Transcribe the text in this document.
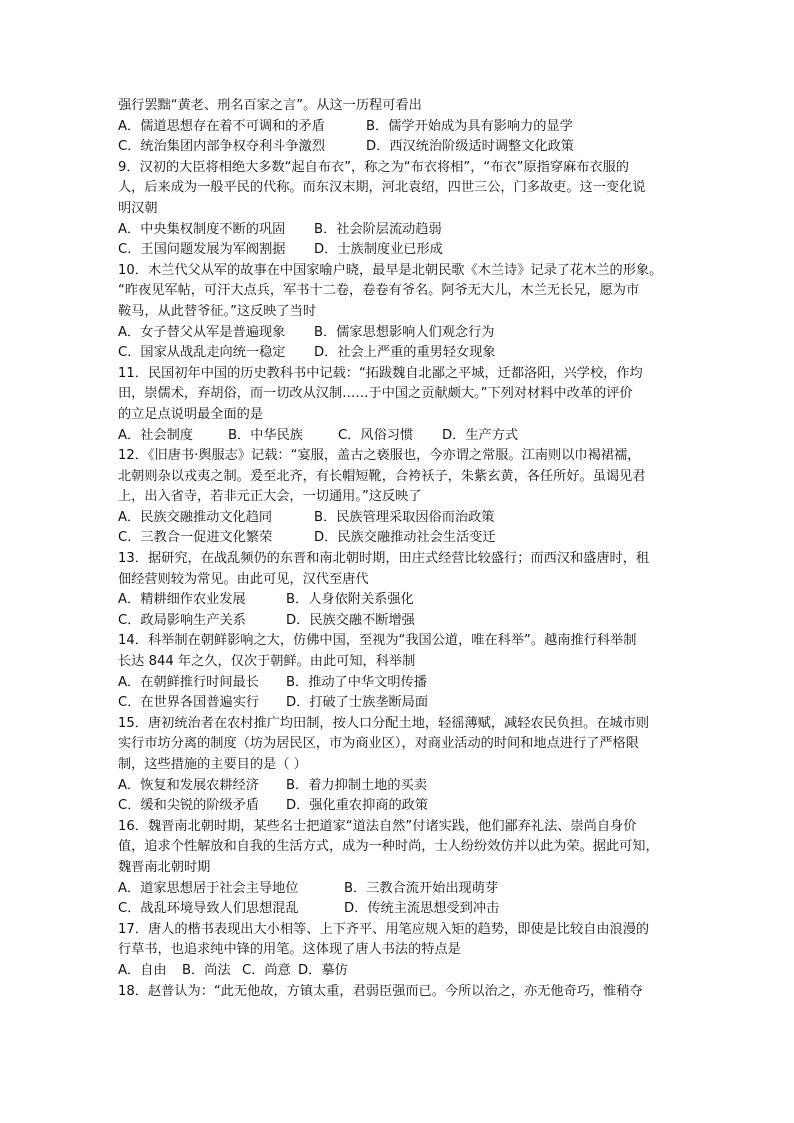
强行罢黜“黄老、刑名百家之言”。从这一历程可看出
A．儒道思想存在着不可调和的矛盾	B．儒学开始成为具有影响力的显学
C．统治集团内部争权夺利斗争激烈	D．西汉统治阶级适时调整文化政策
9．汉初的大臣将相绝大多数“起自布衣”，称之为“布衣将相”，“布衣”原指穿麻布衣服的
人，后来成为一般平民的代称。而东汉末期，河北袁绍，四世三公，门多故吏。这一变化说
明汉朝
A．中央集权制度不断的巩固	B．社会阶层流动趋弱
C．王国问题发展为军阀割据	D．士族制度业已形成
10．木兰代父从军的故事在中国家喻户晓，最早是北朝民歌《木兰诗》记录了花木兰的形象。
“昨夜见军帖，可汗大点兵，军书十二卷，卷卷有爷名。阿爷无大儿，木兰无长兄，愿为市
鞍马，从此替爷征。”这反映了当时
A．女子替父从军是普遍现象	B．儒家思想影响人们观念行为
C．国家从战乱走向统一稳定	D．社会上严重的重男轻女现象
11．民国初年中国的历史教科书中记载：“拓跋魏自北鄙之平城，迁都洛阳，兴学校，作均
田，崇儒术，弃胡俗，而一切改从汉制……于中国之贡献颇大。”下列对材料中改革的评价
的立足点说明最全面的是
A．社会制度	B．中华民族	C．风俗习惯	D．生产方式
12．《旧唐书·舆服志》记载：“宴服，盖古之亵服也，今亦谓之常服。江南则以巾褐裙襦，
北朝则杂以戎夷之制。爰至北齐，有长帽短靴，合袴袄子，朱紫玄黄，各任所好。虽谒见君
上，出入省寺，若非元正大会，一切通用。”这反映了
A．民族交融推动文化趋同	B．民族管理采取因俗而治政策
C．三教合一促进文化繁荣	D．民族交融推动社会生活变迁
13．据研究，在战乱频仍的东晋和南北朝时期，田庄式经营比较盛行；而西汉和盛唐时，租
佃经营则较为常见。由此可见，汉代至唐代
A．精耕细作农业发展	B．人身依附关系强化
C．政局影响生产关系	D．民族交融不断增强
14．科举制在朝鲜影响之大，仿佛中国，至视为“我国公道，唯在科举”。越南推行科举制
长达 844 年之久，仅次于朝鲜。由此可知，科举制
A．在朝鲜推行时间最长	B．推动了中华文明传播
C．在世界各国普遍实行	D．打破了士族垄断局面
15．唐初统治者在农村推广均田制，按人口分配土地，轻徭薄赋，减轻农民负担。在城市则
实行市坊分离的制度（坊为居民区，市为商业区），对商业活动的时间和地点进行了严格限
制，这些措施的主要目的是（ ）
A．恢复和发展农耕经济	B．着力抑制土地的买卖
C．缓和尖锐的阶级矛盾	D．强化重农抑商的政策
16．魏晋南北朝时期，某些名士把道家“道法自然”付诸实践，他们鄙弃礼法、崇尚自身价
值，追求个性解放和自我的生活方式，成为一种时尚，士人纷纷效仿并以此为荣。据此可知，
魏晋南北朝时期
A．道家思想居于社会主导地位	B．三教合流开始出现萌芽
C．战乱环境导致人们思想混乱	D．传统主流思想受到冲击
17．唐人的楷书表现出大小相等、上下齐平、用笔应规入矩的趋势，即使是比较自由浪漫的
行草书，也追求纯中锋的用笔。这体现了唐人书法的特点是
A．自由	B．尚法 C．尚意 D．摹仿
18．赵普认为：“此无他故，方镇太重，君弱臣强而已。今所以治之，亦无他奇巧，惟稍夺
